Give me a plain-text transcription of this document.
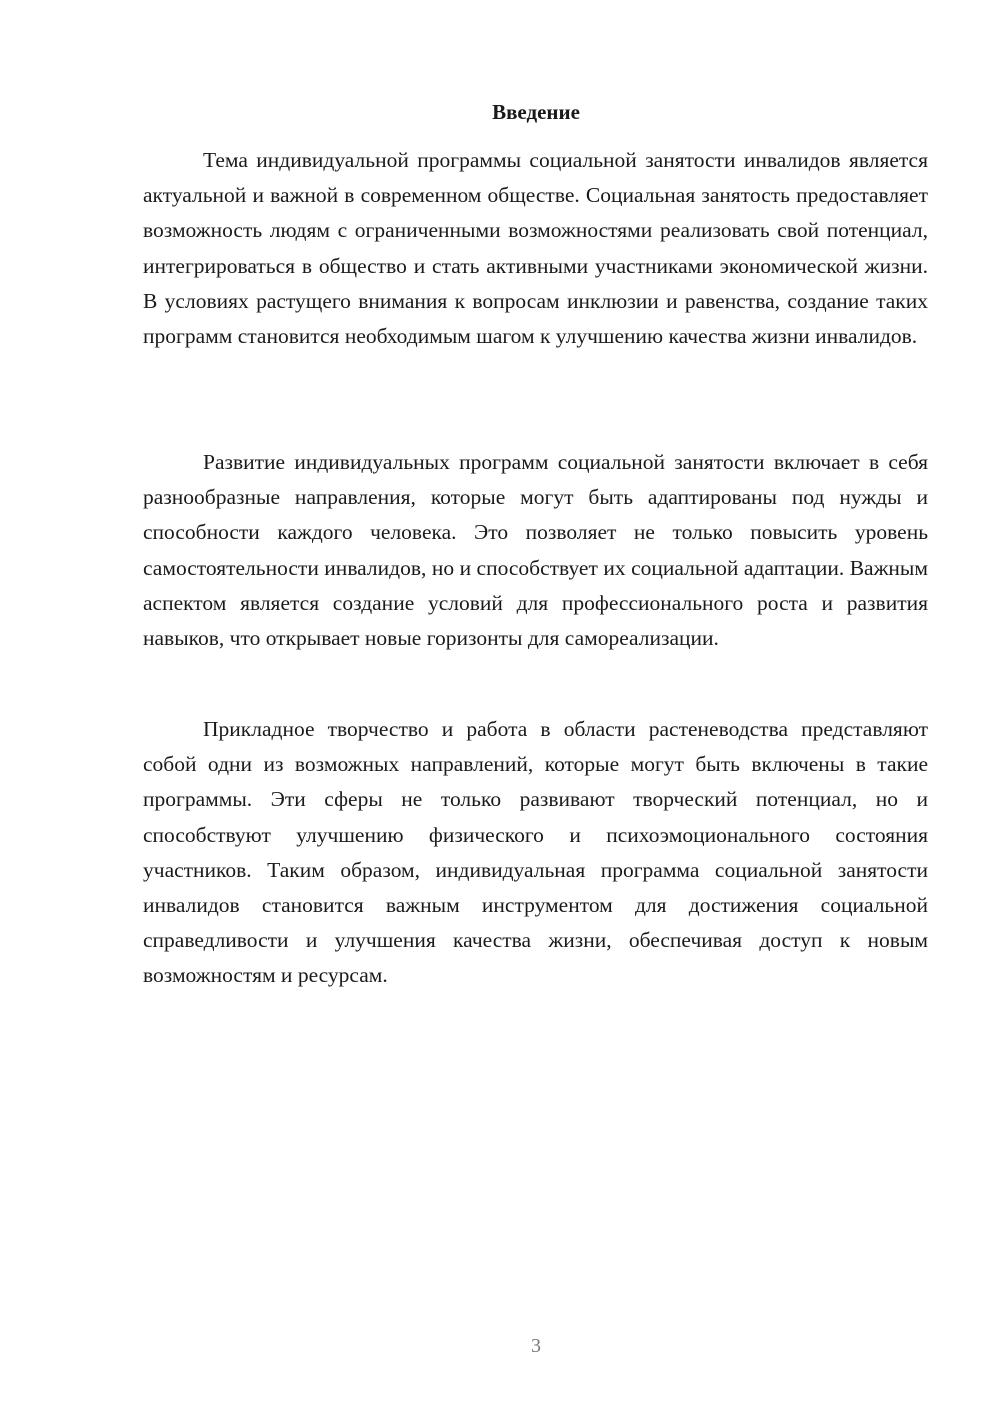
Введение

Тема индивидуальной программы социальной занятости инвалидов является актуальной и важной в современном обществе. Социальная занятость предоставляет возможность людям с ограниченными возможностями реализовать свой потенциал, интегрироваться в общество и стать активными участниками экономической жизни. В условиях растущего внимания к вопросам инклюзии и равенства, создание таких программ становится необходимым шагом к улучшению качества жизни инвалидов.

Развитие индивидуальных программ социальной занятости включает в себя разнообразные направления, которые могут быть адаптированы под нужды и способности каждого человека. Это позволяет не только повысить уровень самостоятельности инвалидов, но и способствует их социальной адаптации. Важным аспектом является создание условий для профессионального роста и развития навыков, что открывает новые горизонты для самореализации.

Прикладное творчество и работа в области растеневодства представляют собой одни из возможных направлений, которые могут быть включены в такие программы. Эти сферы не только развивают творческий потенциал, но и способствуют улучшению физического и психоэмоционального состояния участников. Таким образом, индивидуальная программа социальной занятости инвалидов становится важным инструментом для достижения социальной справедливости и улучшения качества жизни, обеспечивая доступ к новым возможностям и ресурсам.

3
